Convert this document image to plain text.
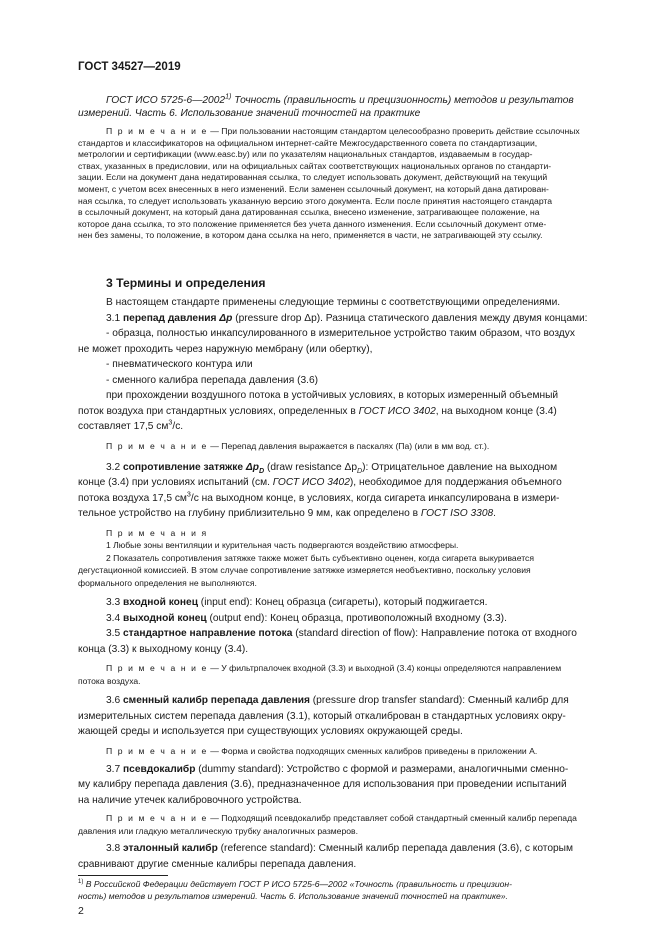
ГОСТ 34527—2019
ГОСТ ИСО 5725-6—2002$^{1)}$ Точность (правильность и прецизионность) методов и результатов
измерений. Часть 6. Использование значений точностей на практике
П р и м е ч а н и е — При пользовании настоящим стандартом целесообразно проверить действие ссылочных
стандартов и классификаторов на официальном интернет-сайте Межгосударственного совета по стандартизации,
метрологии и сертификации (www.easc.by) или по указателям национальных стандартов, издаваемым в государ-
ствах, указанных в предисловии, или на официальных сайтах соответствующих национальных органов по стандарти-
зации. Если на документ дана недатированная ссылка, то следует использовать документ, действующий на текущий
момент, с учетом всех внесенных в него изменений. Если заменен ссылочный документ, на который дана датирован-
ная ссылка, то следует использовать указанную версию этого документа. Если после принятия настоящего стандарта
в ссылочный документ, на который дана датированная ссылка, внесено изменение, затрагивающее положение, на
которое дана ссылка, то это положение применяется без учета данного изменения. Если ссылочный документ отме-
нен без замены, то положение, в котором дана ссылка на него, применяется в части, не затрагивающей эту ссылку.
3 Термины и определения
В настоящем стандарте применены следующие термины с соответствующими определениями.
3.1 перепад давления Δp (pressure drop Δp). Разница статического давления между двумя концами:
- образца, полностью инкапсулированного в измерительное устройство таким образом, что воздух
не может проходить через наружную мембрану (или обертку),
- пневматического контура или
- сменного калибра перепада давления (3.6)
при прохождении воздушного потока в устойчивых условиях, в которых измеренный объемный
поток воздуха при стандартных условиях, определенных в ГОСТ ИСО 3402, на выходном конце (3.4)
составляет 17,5 $см^3/с$.
П р и м е ч а н и е — Перепад давления выражается в паскалях (Па) (или в мм вод. ст.).
3.2 сопротивление затяжке $\Delta p_D$ (draw resistance $\Delta p_D$): Отрицательное давление на выходном
конце (3.4) при условиях испытаний (см. ГОСТ ИСО 3402), необходимое для поддержания объемного
потока воздуха 17,5 $см^3/с$ на выходном конце, в условиях, когда сигарета инкапсулирована в измери-
тельное устройство на глубину приблизительно 9 мм, как определено в ГОСТ ISO 3308.
П р и м е ч а н и я
1 Любые зоны вентиляции и курительная часть подвергаются воздействию атмосферы.
2 Показатель сопротивления затяжке также может быть субъективно оценен, когда сигарета выкуривается
дегустационной комиссией. В этом случае сопротивление затяжке измеряется необъективно, поскольку условия
формального определения не выполняются.
3.3 входной конец (input end): Конец образца (сигареты), который поджигается.
3.4 выходной конец (output end): Конец образца, противоположный входному (3.3).
3.5 стандартное направление потока (standard direction of flow): Направление потока от входного
конца (3.3) к выходному концу (3.4).
П р и м е ч а н и е — У фильтрпалочек входной (3.3) и выходной (3.4) концы определяются направлением
потока воздуха.
3.6 сменный калибр перепада давления (pressure drop transfer standard): Сменный калибр для
измерительных систем перепада давления (3.1), который откалиброван в стандартных условиях окру-
жающей среды и используется при существующих условиях окружающей среды.
П р и м е ч а н и е — Форма и свойства подходящих сменных калибров приведены в приложении А.
3.7 псевдокалибр (dummy standard): Устройство с формой и размерами, аналогичными сменно-
му калибру перепада давления (3.6), предназначенное для использования при проведении испытаний
на наличие утечек калибровочного устройства.
П р и м е ч а н и е — Подходящий псевдокалибр представляет собой стандартный сменный калибр перепада
давления или гладкую металлическую трубку аналогичных размеров.
3.8 эталонный калибр (reference standard): Сменный калибр перепада давления (3.6), с которым
сравнивают другие сменные калибры перепада давления.
$^{1)}$ В Российской Федерации действует ГОСТ Р ИСО 5725-6—2002 «Точность (правильность и прецизион-
ность) методов и результатов измерений. Часть 6. Использование значений точностей на практике».
2
